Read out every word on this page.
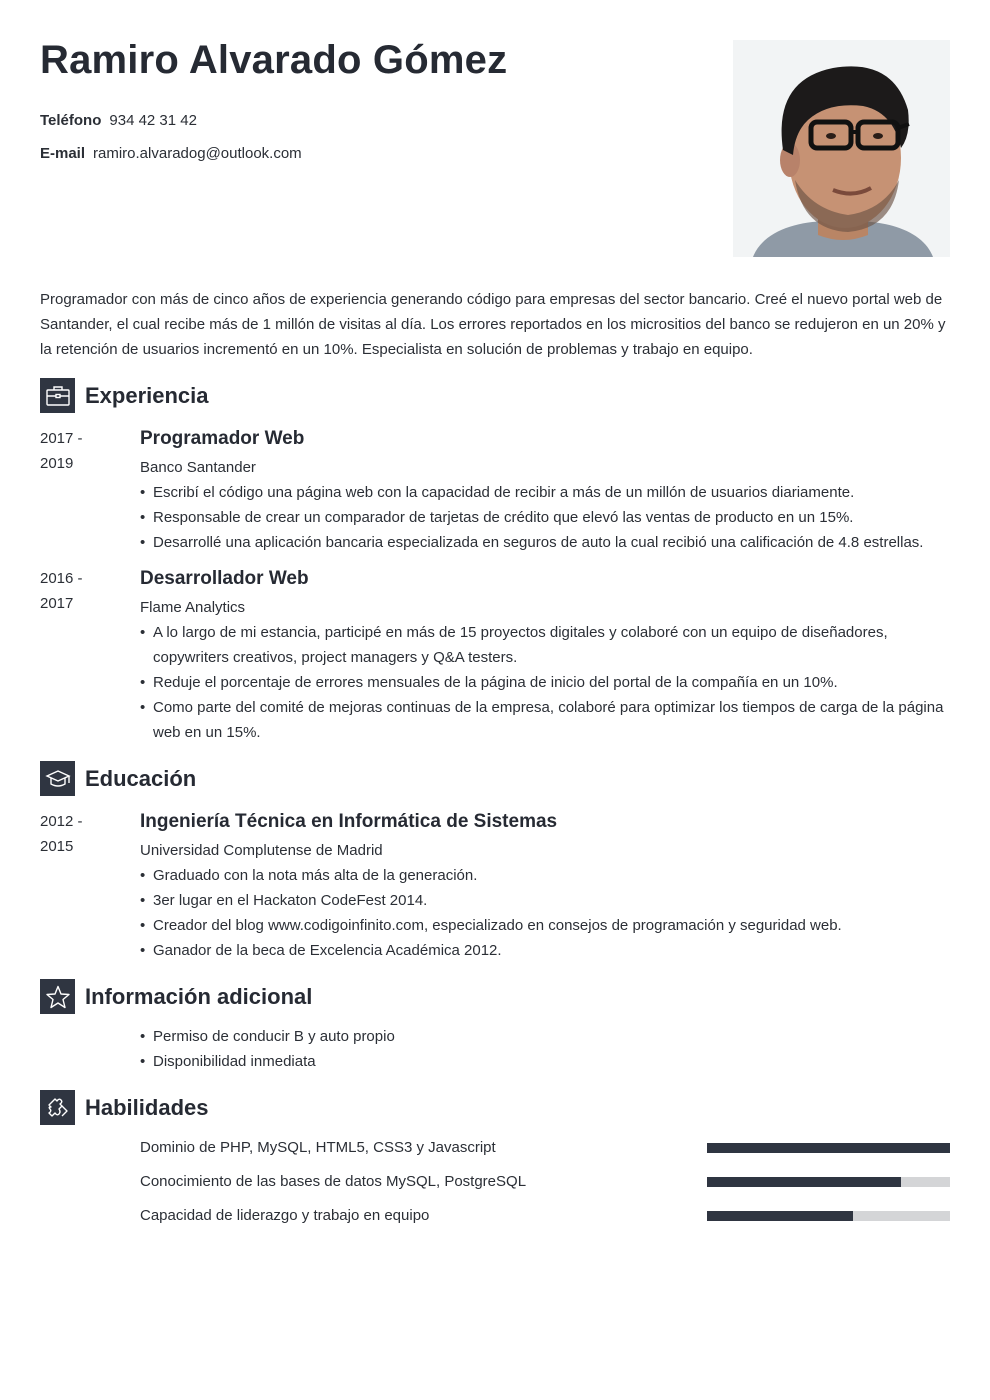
Ramiro Alvarado Gómez
Teléfono 934 42 31 42
E-mail ramiro.alvaradog@outlook.com
Programador con más de cinco años de experiencia generando código para empresas del sector bancario. Creé el nuevo portal web de Santander, el cual recibe más de 1 millón de visitas al día. Los errores reportados en los micrositios del banco se redujeron en un 20% y la retención de usuarios incrementó en un 10%. Especialista en solución de problemas y trabajo en equipo.
Experiencia
2017 -
2019
Programador Web
Banco Santander
• Escribí el código una página web con la capacidad de recibir a más de un millón de usuarios diariamente.
• Responsable de crear un comparador de tarjetas de crédito que elevó las ventas de producto en un 15%.
• Desarrollé una aplicación bancaria especializada en seguros de auto la cual recibió una calificación de 4.8 estrellas.
2016 -
2017
Desarrollador Web
Flame Analytics
• A lo largo de mi estancia, participé en más de 15 proyectos digitales y colaboré con un equipo de diseñadores, copywriters creativos, project managers y Q&A testers.
• Reduje el porcentaje de errores mensuales de la página de inicio del portal de la compañía en un 10%.
• Como parte del comité de mejoras continuas de la empresa, colaboré para optimizar los tiempos de carga de la página web en un 15%.
Educación
2012 -
2015
Ingeniería Técnica en Informática de Sistemas
Universidad Complutense de Madrid
• Graduado con la nota más alta de la generación.
• 3er lugar en el Hackaton CodeFest 2014.
• Creador del blog www.codigoinfinito.com, especializado en consejos de programación y seguridad web.
• Ganador de la beca de Excelencia Académica 2012.
Información adicional
• Permiso de conducir B y auto propio
• Disponibilidad inmediata
Habilidades
Dominio de PHP, MySQL, HTML5, CSS3 y Javascript
Conocimiento de las bases de datos MySQL, PostgreSQL
Capacidad de liderazgo y trabajo en equipo
